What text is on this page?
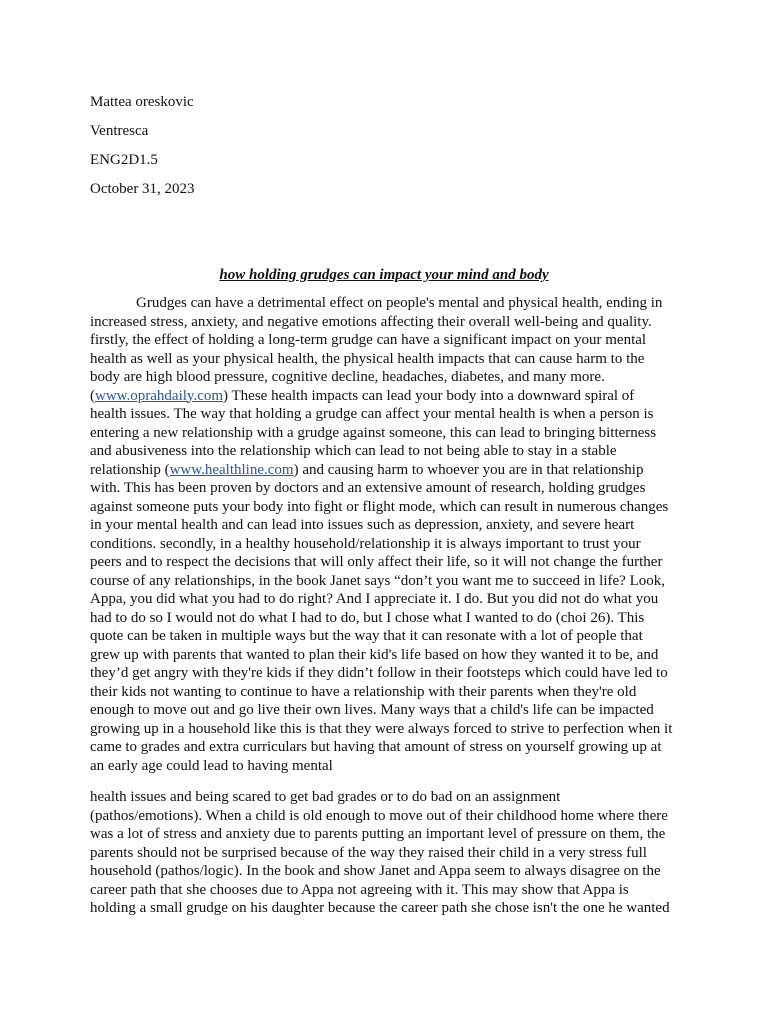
Mattea oreskovic
Ventresca
ENG2D1.5
October 31, 2023
how holding grudges can impact your mind and body
Grudges can have a detrimental effect on people's mental and physical health, ending in
increased stress, anxiety, and negative emotions affecting their overall well-being and quality.
firstly, the effect of holding a long-term grudge can have a significant impact on your mental
health as well as your physical health, the physical health impacts that can cause harm to the
body are high blood pressure, cognitive decline, headaches, diabetes, and many more.
(www.oprahdaily.com) These health impacts can lead your body into a downward spiral of
health issues. The way that holding a grudge can affect your mental health is when a person is
entering a new relationship with a grudge against someone, this can lead to bringing bitterness
and abusiveness into the relationship which can lead to not being able to stay in a stable
relationship (www.healthline.com) and causing harm to whoever you are in that relationship
with. This has been proven by doctors and an extensive amount of research, holding grudges
against someone puts your body into fight or flight mode, which can result in numerous changes
in your mental health and can lead into issues such as depression, anxiety, and severe heart
conditions. secondly, in a healthy household/relationship it is always important to trust your
peers and to respect the decisions that will only affect their life, so it will not change the further
course of any relationships, in the book Janet says “don’t you want me to succeed in life? Look,
Appa, you did what you had to do right? And I appreciate it. I do. But you did not do what you
had to do so I would not do what I had to do, but I chose what I wanted to do (choi 26). This
quote can be taken in multiple ways but the way that it can resonate with a lot of people that
grew up with parents that wanted to plan their kid's life based on how they wanted it to be, and
they’d get angry with they're kids if they didn’t follow in their footsteps which could have led to
their kids not wanting to continue to have a relationship with their parents when they're old
enough to move out and go live their own lives. Many ways that a child's life can be impacted
growing up in a household like this is that they were always forced to strive to perfection when it
came to grades and extra curriculars but having that amount of stress on yourself growing up at
an early age could lead to having mental
health issues and being scared to get bad grades or to do bad on an assignment
(pathos/emotions). When a child is old enough to move out of their childhood home where there
was a lot of stress and anxiety due to parents putting an important level of pressure on them, the
parents should not be surprised because of the way they raised their child in a very stress full
household (pathos/logic). In the book and show Janet and Appa seem to always disagree on the
career path that she chooses due to Appa not agreeing with it. This may show that Appa is
holding a small grudge on his daughter because the career path she chose isn't the one he wanted
